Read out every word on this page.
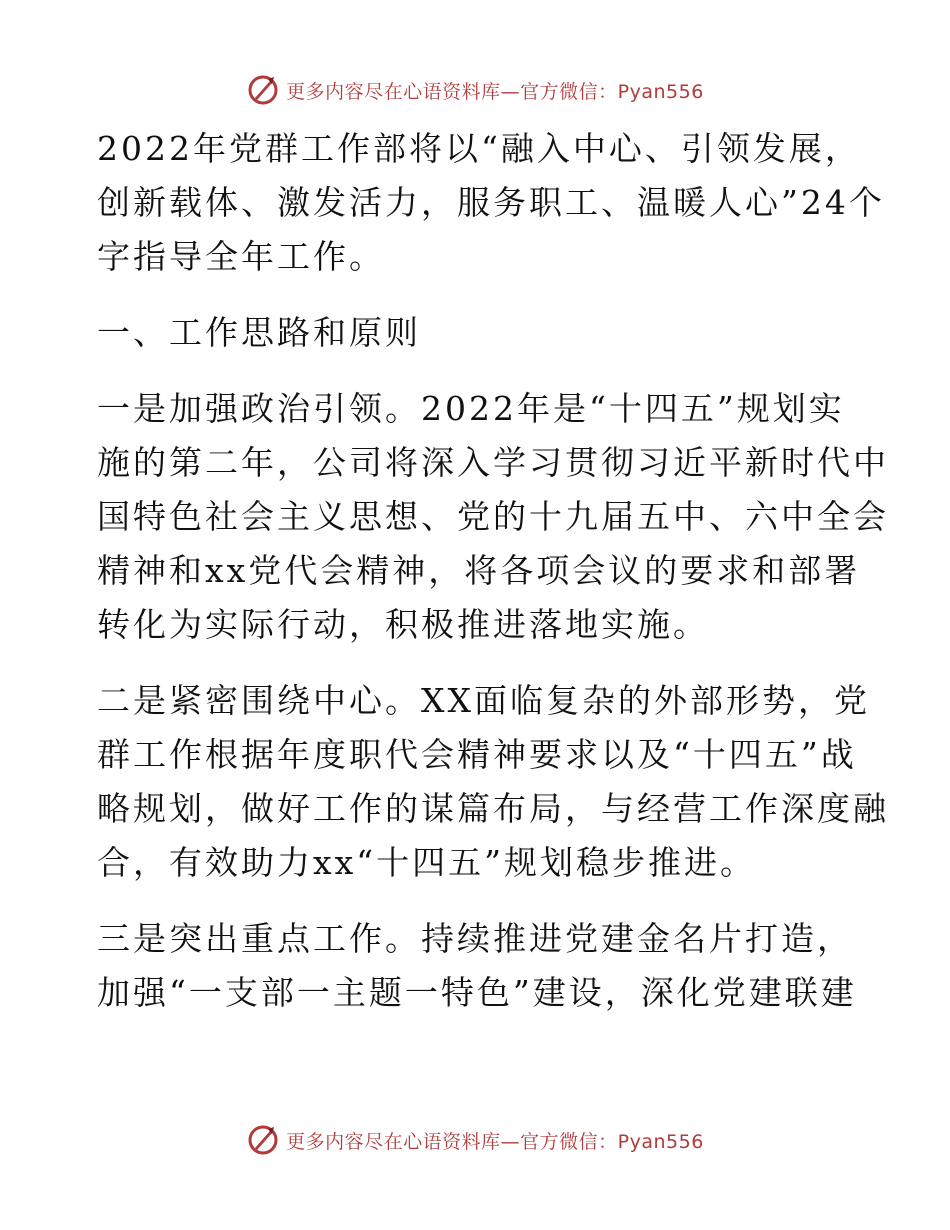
更多内容尽在心语资料库—官方微信：Pyan556
2022年党群工作部将以“融入中心、引领发展，
创新载体、激发活力，服务职工、温暖人心”24个
字指导全年工作。
一、工作思路和原则
一是加强政治引领。2022年是“十四五”规划实
施的第二年，公司将深入学习贯彻习近平新时代中
国特色社会主义思想、党的十九届五中、六中全会
精神和xx党代会精神，将各项会议的要求和部署
转化为实际行动，积极推进落地实施。
二是紧密围绕中心。XX面临复杂的外部形势，党
群工作根据年度职代会精神要求以及“十四五”战
略规划，做好工作的谋篇布局，与经营工作深度融
合，有效助力xx“十四五”规划稳步推进。
三是突出重点工作。持续推进党建金名片打造，
加强“一支部一主题一特色”建设，深化党建联建
更多内容尽在心语资料库—官方微信：Pyan556
